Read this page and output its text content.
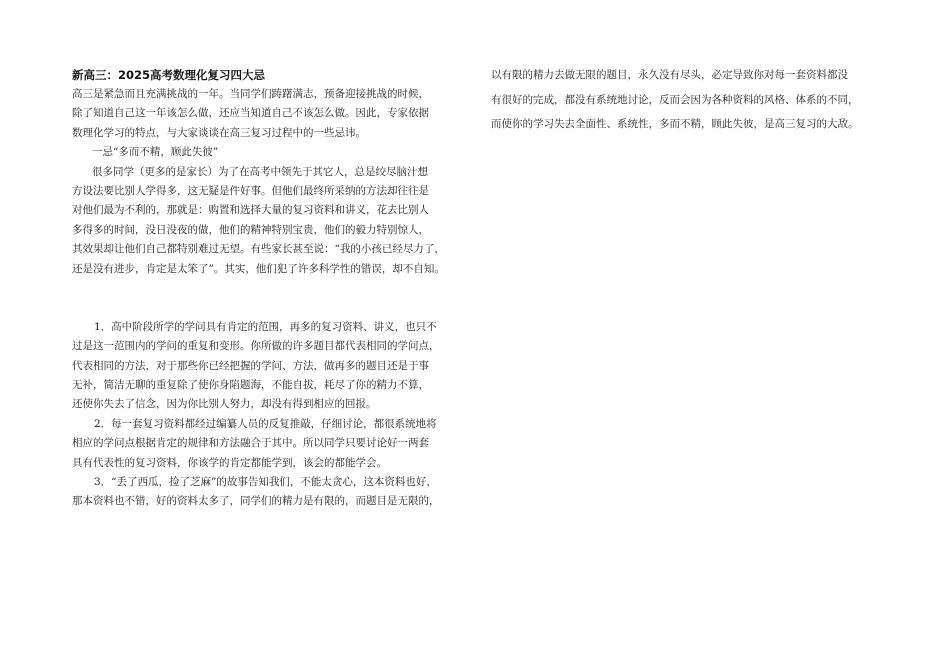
新高三：2025高考数理化复习四大忌
高三是紧急而且充满挑战的一年。当同学们踌躇满志，预备迎接挑战的时候，
除了知道自己这一年该怎么做，还应当知道自己不该怎么做。因此，专家依据
数理化学习的特点，与大家谈谈在高三复习过程中的一些忌讳。
一忌“多而不精，顾此失彼”
很多同学（更多的是家长）为了在高考中领先于其它人，总是绞尽脑汁想
方设法要比别人学得多，这无疑是件好事。但他们最终所采纳的方法却往往是
对他们最为不利的，那就是：购置和选择大量的复习资料和讲义，花去比别人
多得多的时间，没日没夜的做，他们的精神特别宝贵，他们的毅力特别惊人，
其效果却让他们自己都特别难过无望。有些家长甚至说：“我的小孩已经尽力了，
还是没有进步，肯定是太笨了”。其实，他们犯了许多科学性的错误，却不自知。
1．高中阶段所学的学问具有肯定的范围，再多的复习资料、讲义，也只不
过是这一范围内的学问的重复和变形。你所做的许多题目都代表相同的学问点，
代表相同的方法，对于那些你已经把握的学问、方法，做再多的题目还是于事
无补，简洁无聊的重复除了使你身陷题海，不能自拔，耗尽了你的精力不算，
还使你失去了信念，因为你比别人努力，却没有得到相应的回报。
2．每一套复习资料都经过编纂人员的反复推敲，仔细讨论，都很系统地将
相应的学问点根据肯定的规律和方法融合于其中。所以同学只要讨论好一两套
具有代表性的复习资料，你该学的肯定都能学到，该会的都能学会。
3．“丢了西瓜，捡了芝麻”的故事告知我们，不能太贪心，这本资料也好，
那本资料也不错，好的资料太多了，同学们的精力是有限的，而题目是无限的，
以有限的精力去做无限的题目，永久没有尽头，必定导致你对每一套资料都没
有很好的完成，都没有系统地讨论，反而会因为各种资料的风格、体系的不同，
而使你的学习失去全面性、系统性，多而不精，顾此失彼，是高三复习的大敌。
